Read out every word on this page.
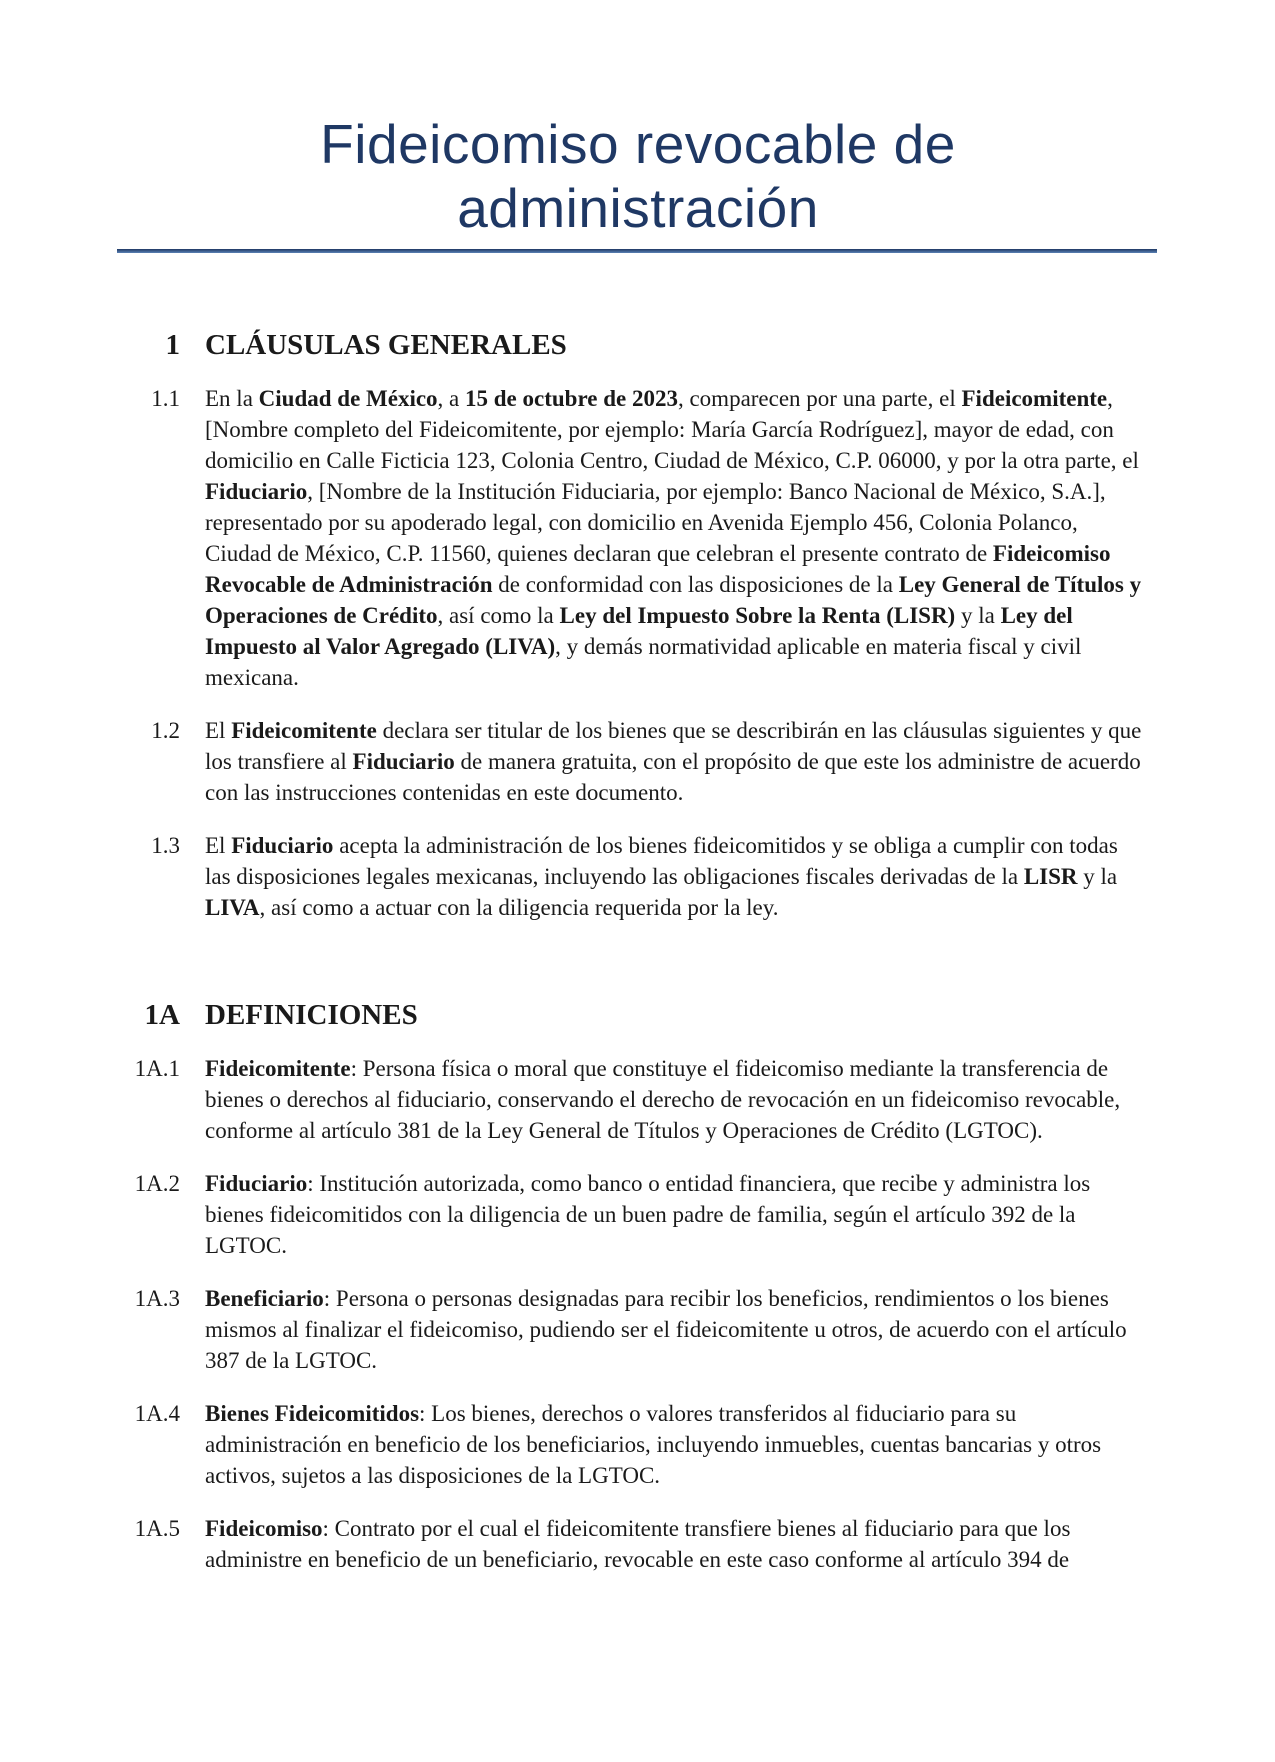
Fideicomiso revocable de administración
1 CLÁUSULAS GENERALES
1.1 En la Ciudad de México, a 15 de octubre de 2023, comparecen por una parte, el Fideicomitente, [Nombre completo del Fideicomitente, por ejemplo: María García Rodríguez], mayor de edad, con domicilio en Calle Ficticia 123, Colonia Centro, Ciudad de México, C.P. 06000, y por la otra parte, el Fiduciario, [Nombre de la Institución Fiduciaria, por ejemplo: Banco Nacional de México, S.A.], representado por su apoderado legal, con domicilio en Avenida Ejemplo 456, Colonia Polanco, Ciudad de México, C.P. 11560, quienes declaran que celebran el presente contrato de Fideicomiso Revocable de Administración de conformidad con las disposiciones de la Ley General de Títulos y Operaciones de Crédito, así como la Ley del Impuesto Sobre la Renta (LISR) y la Ley del Impuesto al Valor Agregado (LIVA), y demás normatividad aplicable en materia fiscal y civil mexicana.
1.2 El Fideicomitente declara ser titular de los bienes que se describirán en las cláusulas siguientes y que los transfiere al Fiduciario de manera gratuita, con el propósito de que este los administre de acuerdo con las instrucciones contenidas en este documento.
1.3 El Fiduciario acepta la administración de los bienes fideicomitidos y se obliga a cumplir con todas las disposiciones legales mexicanas, incluyendo las obligaciones fiscales derivadas de la LISR y la LIVA, así como a actuar con la diligencia requerida por la ley.
1A DEFINICIONES
1A.1 Fideicomitente: Persona física o moral que constituye el fideicomiso mediante la transferencia de bienes o derechos al fiduciario, conservando el derecho de revocación en un fideicomiso revocable, conforme al artículo 381 de la Ley General de Títulos y Operaciones de Crédito (LGTOC).
1A.2 Fiduciario: Institución autorizada, como banco o entidad financiera, que recibe y administra los bienes fideicomitidos con la diligencia de un buen padre de familia, según el artículo 392 de la LGTOC.
1A.3 Beneficiario: Persona o personas designadas para recibir los beneficios, rendimientos o los bienes mismos al finalizar el fideicomiso, pudiendo ser el fideicomitente u otros, de acuerdo con el artículo 387 de la LGTOC.
1A.4 Bienes Fideicomitidos: Los bienes, derechos o valores transferidos al fiduciario para su administración en beneficio de los beneficiarios, incluyendo inmuebles, cuentas bancarias y otros activos, sujetos a las disposiciones de la LGTOC.
1A.5 Fideicomiso: Contrato por el cual el fideicomitente transfiere bienes al fiduciario para que los administre en beneficio de un beneficiario, revocable en este caso conforme al artículo 394 de
